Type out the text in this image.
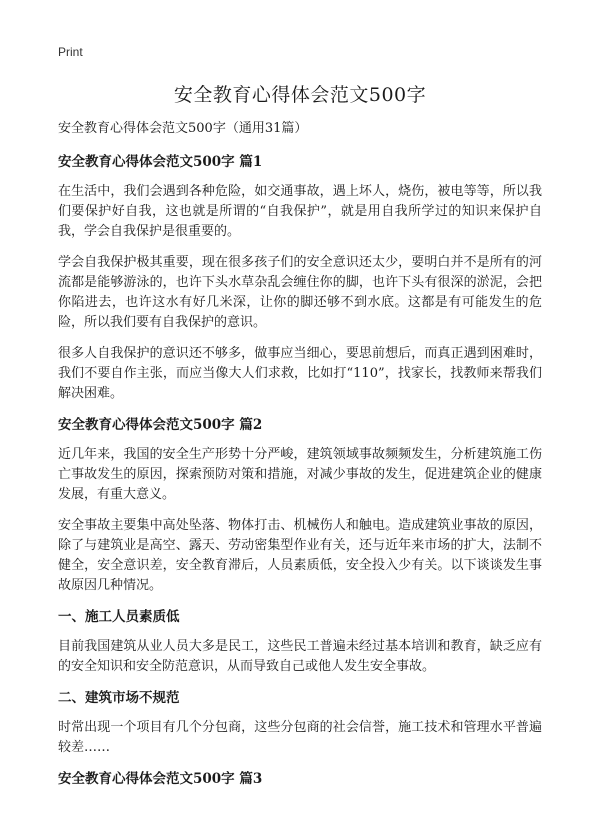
Print
安全教育心得体会范文500字

安全教育心得体会范文500字（通用31篇）

安全教育心得体会范文500字 篇1

在生活中，我们会遇到各种危险，如交通事故，遇上坏人，烧伤，被电等等，所以我们要保护好自我，这也就是所谓的“自我保护”，就是用自我所学过的知识来保护自我，学会自我保护是很重要的。

学会自我保护极其重要，现在很多孩子们的安全意识还太少，要明白并不是所有的河流都是能够游泳的，也许下头水草杂乱会缠住你的脚，也许下头有很深的淤泥，会把你陷进去，也许这水有好几米深，让你的脚还够不到水底。这都是有可能发生的危险，所以我们要有自我保护的意识。

很多人自我保护的意识还不够多，做事应当细心，要思前想后，而真正遇到困难时，我们不要自作主张，而应当像大人们求救，比如打“110”，找家长，找教师来帮我们解决困难。

安全教育心得体会范文500字 篇2

近几年来，我国的安全生产形势十分严峻，建筑领域事故频频发生，分析建筑施工伤亡事故发生的原因，探索预防对策和措施，对减少事故的发生，促进建筑企业的健康发展，有重大意义。

安全事故主要集中高处坠落、物体打击、机械伤人和触电。造成建筑业事故的原因，除了与建筑业是高空、露天、劳动密集型作业有关，还与近年来市场的扩大，法制不健全，安全意识差，安全教育滞后，人员素质低，安全投入少有关。以下谈谈发生事故原因几种情况。

一、施工人员素质低

目前我国建筑从业人员大多是民工，这些民工普遍未经过基本培训和教育，缺乏应有的安全知识和安全防范意识，从而导致自己或他人发生安全事故。

二、建筑市场不规范

时常出现一个项目有几个分包商，这些分包商的社会信誉，施工技术和管理水平普遍较差……

安全教育心得体会范文500字 篇3
